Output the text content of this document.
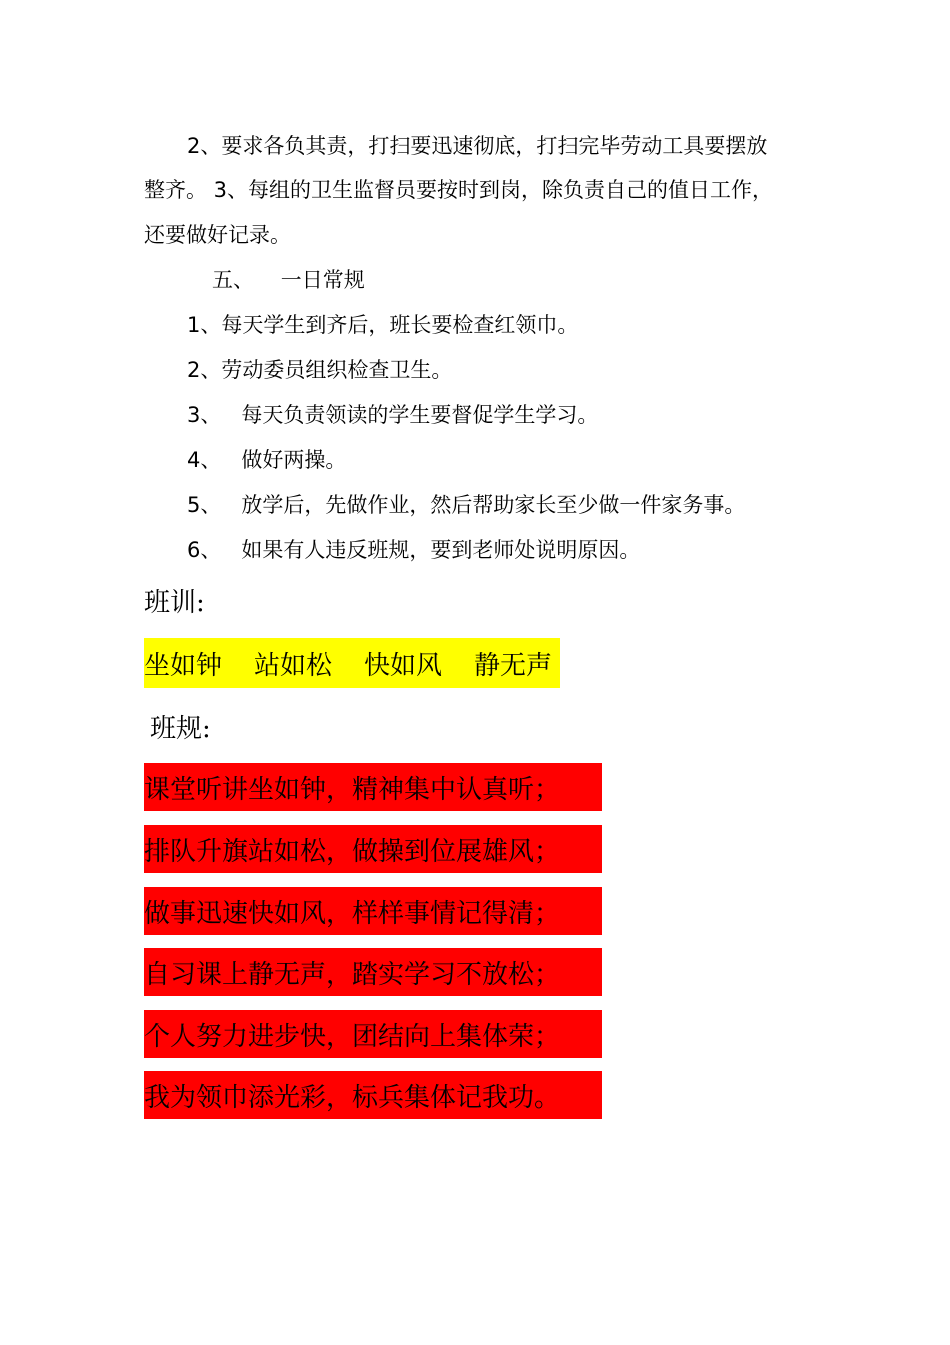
2、要求各负其责，打扫要迅速彻底，打扫完毕劳动工具要摆放
整齐。 3、每组的卫生监督员要按时到岗，除负责自己的值日工作，
还要做好记录。
五、    一日常规
1、每天学生到齐后，班长要检查红领巾。
2、劳动委员组织检查卫生。
3、   每天负责领读的学生要督促学生学习。
4、   做好两操。
5、   放学后，先做作业，然后帮助家长至少做一件家务事。
6、   如果有人违反班规，要到老师处说明原因。
班训:
坐如钟 站如松 快如风 静无声
班规:
课堂听讲坐如钟，精神集中认真听；
排队升旗站如松，做操到位展雄风；
做事迅速快如风，样样事情记得清；
自习课上静无声，踏实学习不放松；
个人努力进步快，团结向上集体荣；
我为领巾添光彩，标兵集体记我功。
